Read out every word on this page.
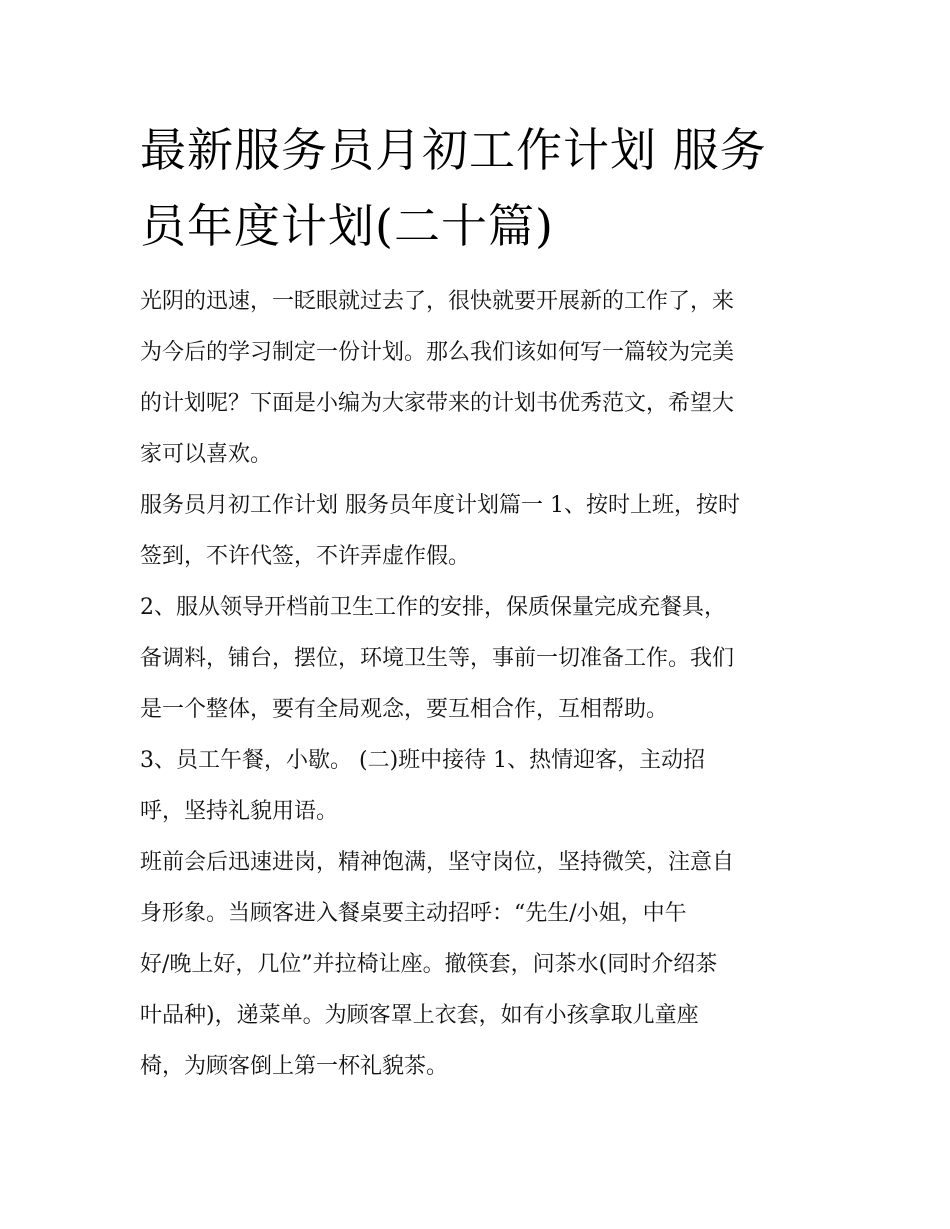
最新服务员月初工作计划 服务
员年度计划(二十篇)

光阴的迅速，一眨眼就过去了，很快就要开展新的工作了，来
为今后的学习制定一份计划。那么我们该如何写一篇较为完美
的计划呢？下面是小编为大家带来的计划书优秀范文，希望大
家可以喜欢。

服务员月初工作计划 服务员年度计划篇一 1、按时上班，按时
签到，不许代签，不许弄虚作假。

2、服从领导开档前卫生工作的安排，保质保量完成充餐具，
备调料，铺台，摆位，环境卫生等，事前一切准备工作。我们
是一个整体，要有全局观念，要互相合作，互相帮助。

3、员工午餐，小歇。 (二)班中接待 1、热情迎客，主动招
呼，坚持礼貌用语。

班前会后迅速进岗，精神饱满，坚守岗位，坚持微笑，注意自
身形象。当顾客进入餐桌要主动招呼：“先生/小姐，中午
好/晚上好，几位”并拉椅让座。撤筷套，问茶水(同时介绍茶
叶品种)，递菜单。为顾客罩上衣套，如有小孩拿取儿童座
椅，为顾客倒上第一杯礼貌茶。
